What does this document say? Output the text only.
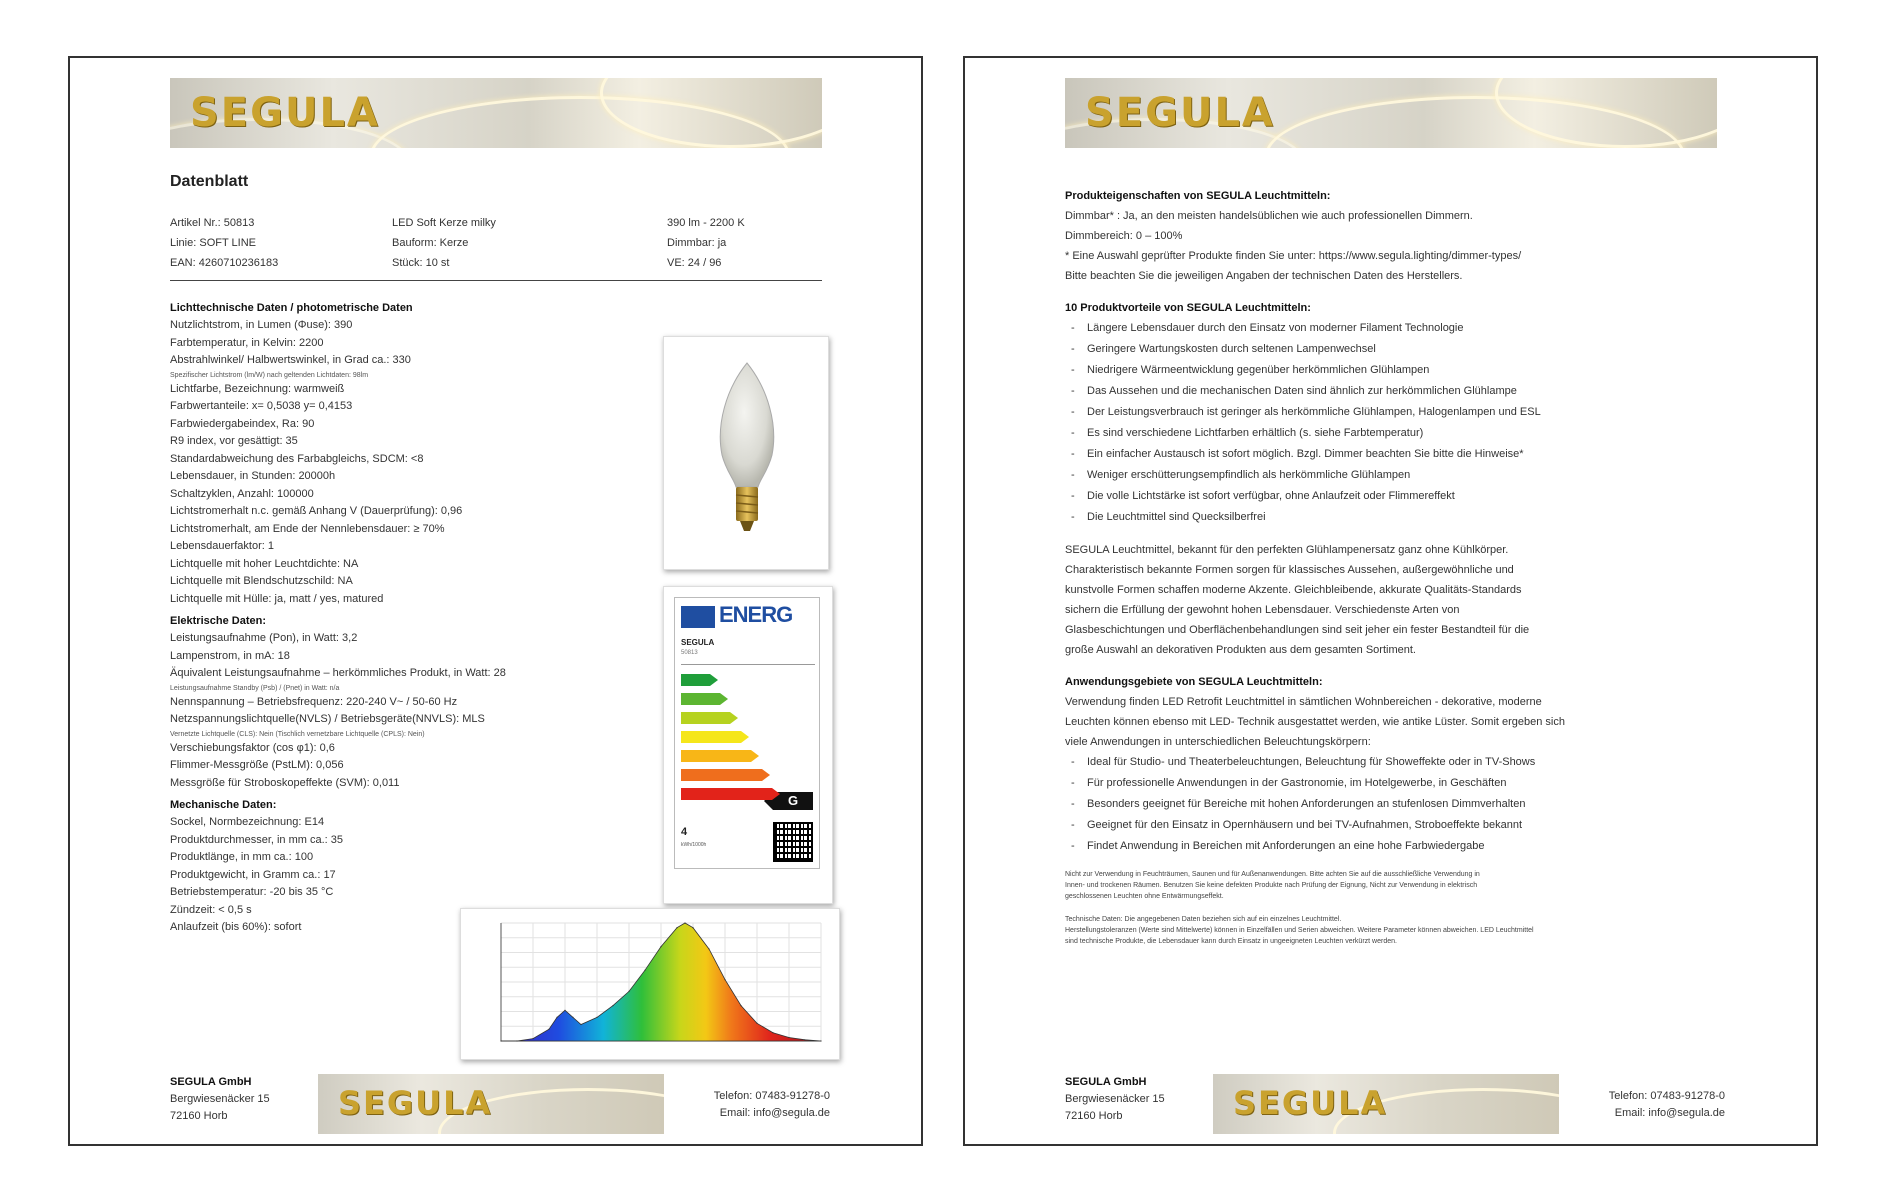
SEGULA
Datenblatt
Artikel Nr.: 50813	LED Soft Kerze milky	390 lm - 2200 K
Linie: SOFT LINE	Bauform: Kerze	Dimmbar: ja
EAN: 4260710236183	Stück: 10 st	VE: 24 / 96
Lichttechnische Daten / photometrische Daten
Nutzlichtstrom, in Lumen (Φuse): 390
Farbtemperatur, in Kelvin: 2200
Abstrahlwinkel/ Halbwertswinkel, in Grad ca.: 330
Spezifischer Lichtstrom (lm/W) nach geltenden Lichtdaten: 98lm
Lichtfarbe, Bezeichnung: warmweiß
Farbwertanteile: x= 0,5038 y= 0,4153
Farbwiedergabeindex, Ra: 90
R9 index, vor gesättigt: 35
Standardabweichung des Farbabgleichs, SDCM: <8
Lebensdauer, in Stunden: 20000h
Schaltzyklen, Anzahl: 100000
Lichtstromerhalt n.c. gemäß Anhang V (Dauerprüfung): 0,96
Lichtstromerhalt, am Ende der Nennlebensdauer: ≥ 70%
Lebensdauerfaktor: 1
Lichtquelle mit hoher Leuchtdichte: NA
Lichtquelle mit Blendschutzschild: NA
Lichtquelle mit Hülle: ja, matt / yes, matured
Elektrische Daten:
Leistungsaufnahme (Pon), in Watt: 3,2
Lampenstrom, in mA: 18
Äquivalent Leistungsaufnahme – herkömmliches Produkt, in Watt: 28
Leistungsaufnahme Standby (Psb) / (Pnet) in Watt: n/a
Nennspannung – Betriebsfrequenz: 220-240 V~ / 50-60 Hz
Netzspannungslichtquelle(NVLS) / Betriebsgeräte(NNVLS): MLS
Vernetzte Lichtquelle (CLS): Nein (Tischlich vernetzbare Lichtquelle (CPLS): Nein)
Verschiebungsfaktor (cos φ1): 0,6
Flimmer-Messgröße (PstLM): 0,056
Messgröße für Stroboskopeffekte (SVM): 0,011
Mechanische Daten:
Sockel, Normbezeichnung: E14
Produktdurchmesser, in mm ca.: 35
Produktlänge, in mm ca.: 100
Produktgewicht, in Gramm ca.: 17
Betriebstemperatur: -20 bis 35 °C
Zündzeit: < 0,5 s
Anlaufzeit (bis 60%): sofort
ENERG
SEGULA
50813
G
4
kWh/1000h
SEGULA GmbH
Bergwiesenäcker 15
72160 Horb	SEGULA	Telefon: 07483-91278-0
Email: info@segula.de
SEGULA
Produkteigenschaften von SEGULA Leuchtmitteln:
Dimmbar* : Ja, an den meisten handelsüblichen wie auch professionellen Dimmern.
Dimmbereich: 0 – 100%
* Eine Auswahl geprüfter Produkte finden Sie unter: https://www.segula.lighting/dimmer-types/
Bitte beachten Sie die jeweiligen Angaben der technischen Daten des Herstellers.
10 Produktvorteile von SEGULA Leuchtmitteln:
- Längere Lebensdauer durch den Einsatz von moderner Filament Technologie
- Geringere Wartungskosten durch seltenen Lampenwechsel
- Niedrigere Wärmeentwicklung gegenüber herkömmlichen Glühlampen
- Das Aussehen und die mechanischen Daten sind ähnlich zur herkömmlichen Glühlampe
- Der Leistungsverbrauch ist geringer als herkömmliche Glühlampen, Halogenlampen und ESL
- Es sind verschiedene Lichtfarben erhältlich (s. siehe Farbtemperatur)
- Ein einfacher Austausch ist sofort möglich. Bzgl. Dimmer beachten Sie bitte die Hinweise*
- Weniger erschütterungsempfindlich als herkömmliche Glühlampen
- Die volle Lichtstärke ist sofort verfügbar, ohne Anlaufzeit oder Flimmereffekt
- Die Leuchtmittel sind Quecksilberfrei
SEGULA Leuchtmittel, bekannt für den perfekten Glühlampenersatz ganz ohne Kühlkörper.
Charakteristisch bekannte Formen sorgen für klassisches Aussehen, außergewöhnliche und
kunstvolle Formen schaffen moderne Akzente. Gleichbleibende, akkurate Qualitäts-Standards
sichern die Erfüllung der gewohnt hohen Lebensdauer. Verschiedenste Arten von
Glasbeschichtungen und Oberflächenbehandlungen sind seit jeher ein fester Bestandteil für die
große Auswahl an dekorativen Produkten aus dem gesamten Sortiment.
Anwendungsgebiete von SEGULA Leuchtmitteln:
Verwendung finden LED Retrofit Leuchtmittel in sämtlichen Wohnbereichen - dekorative, moderne
Leuchten können ebenso mit LED- Technik ausgestattet werden, wie antike Lüster. Somit ergeben sich
viele Anwendungen in unterschiedlichen Beleuchtungskörpern:
- Ideal für Studio- und Theaterbeleuchtungen, Beleuchtung für Showeffekte oder in TV-Shows
- Für professionelle Anwendungen in der Gastronomie, im Hotelgewerbe, in Geschäften
- Besonders geeignet für Bereiche mit hohen Anforderungen an stufenlosen Dimmverhalten
- Geeignet für den Einsatz in Opernhäusern und bei TV-Aufnahmen, Stroboeffekte bekannt
- Findet Anwendung in Bereichen mit Anforderungen an eine hohe Farbwiedergabe
Nicht zur Verwendung in Feuchträumen, Saunen und für Außenanwendungen. Bitte achten Sie auf die ausschließliche Verwendung in
Innen- und trockenen Räumen. Benutzen Sie keine defekten Produkte nach Prüfung der Eignung, Nicht zur Verwendung in elektrisch
geschlossenen Leuchten ohne Entwärmungseffekt.
Technische Daten: Die angegebenen Daten beziehen sich auf ein einzelnes Leuchtmittel.
Herstellungstoleranzen (Werte sind Mittelwerte) können in Einzelfällen und Serien abweichen. Weitere Parameter können abweichen. LED Leuchtmittel
sind technische Produkte, die Lebensdauer kann durch Einsatz in ungeeigneten Leuchten verkürzt werden.
SEGULA GmbH
Bergwiesenäcker 15
72160 Horb	SEGULA	Telefon: 07483-91278-0
Email: info@segula.de
